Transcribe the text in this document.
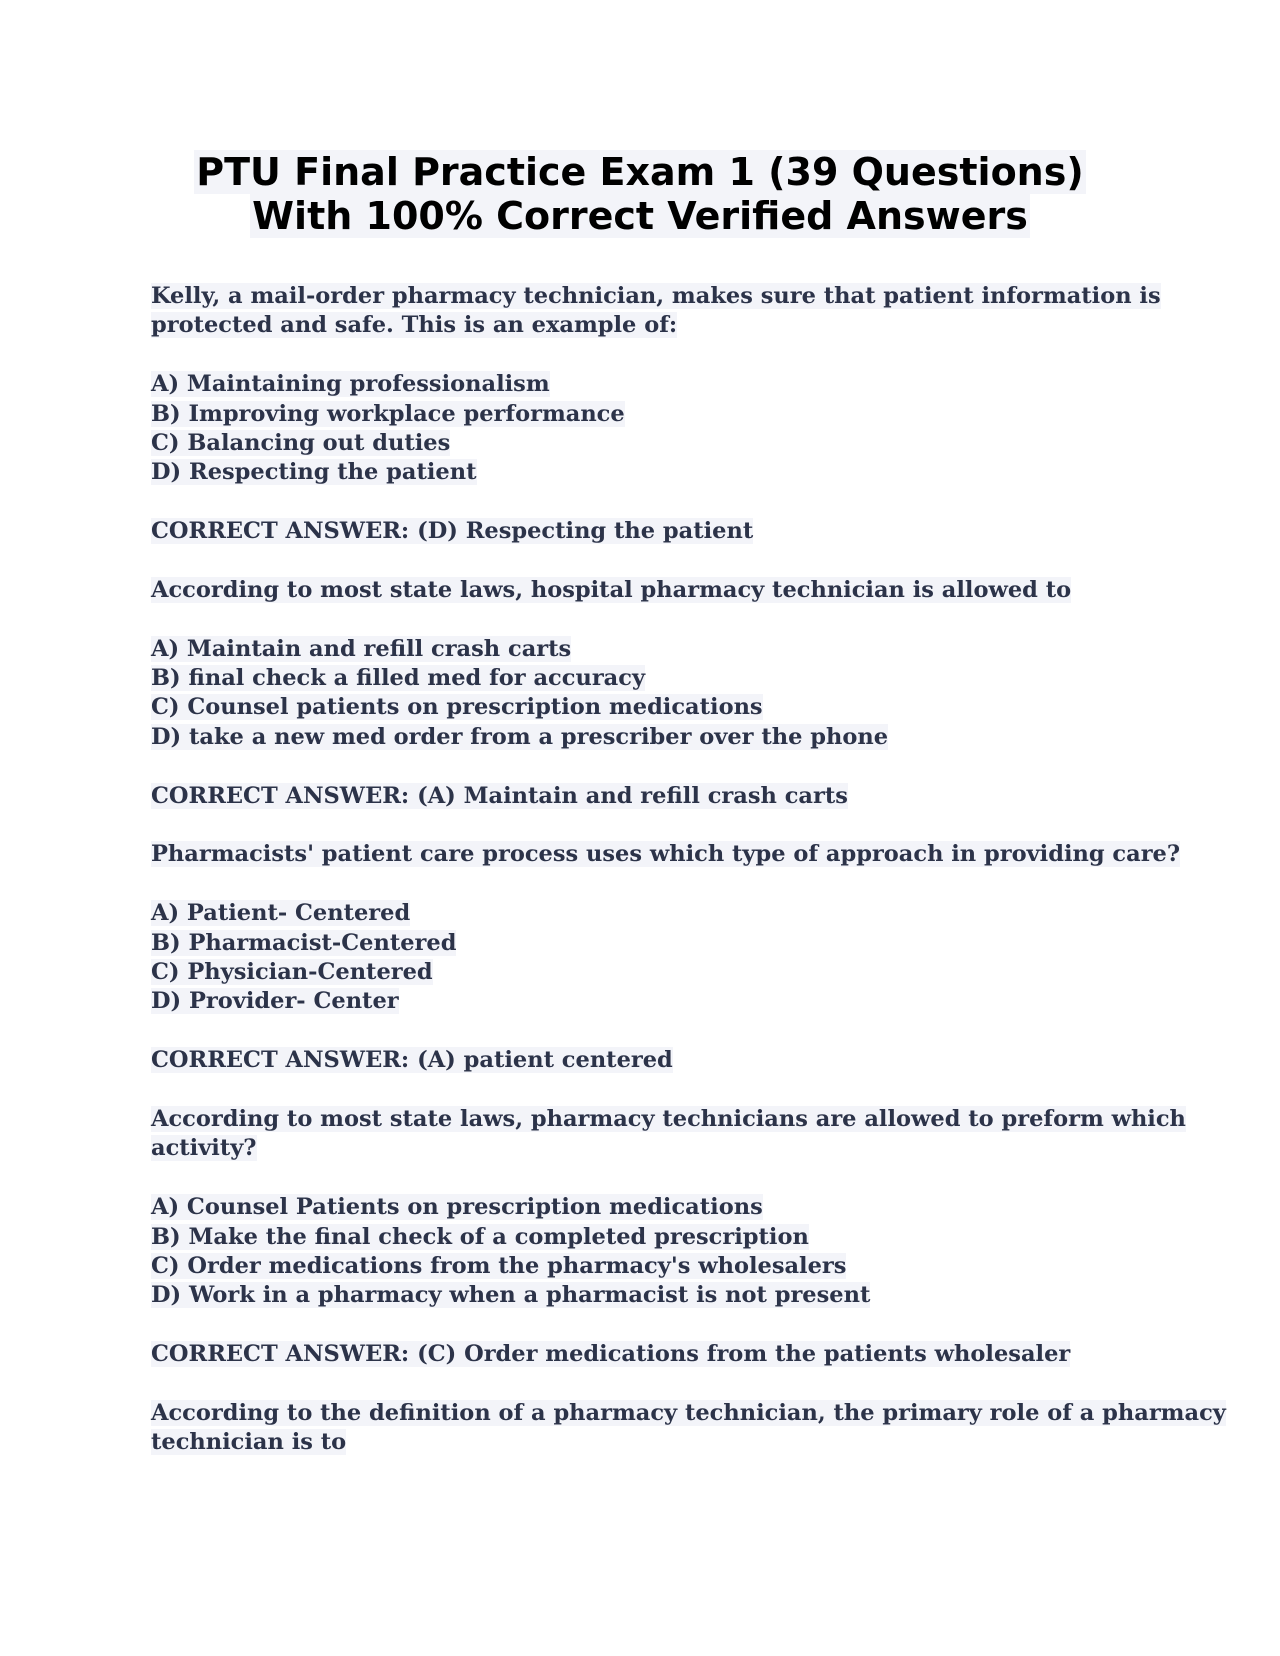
PTU Final Practice Exam 1 (39 Questions)
With 100% Correct Verified Answers
Kelly, a mail-order pharmacy technician, makes sure that patient information is
protected and safe. This is an example of:
A) Maintaining professionalism
B) Improving workplace performance
C) Balancing out duties
D) Respecting the patient
CORRECT ANSWER: (D) Respecting the patient
According to most state laws, hospital pharmacy technician is allowed to
A) Maintain and refill crash carts
B) final check a filled med for accuracy
C) Counsel patients on prescription medications
D) take a new med order from a prescriber over the phone
CORRECT ANSWER: (A) Maintain and refill crash carts
Pharmacists' patient care process uses which type of approach in providing care?
A) Patient- Centered
B) Pharmacist-Centered
C) Physician-Centered
D) Provider- Center
CORRECT ANSWER: (A) patient centered
According to most state laws, pharmacy technicians are allowed to preform which
activity?
A) Counsel Patients on prescription medications
B) Make the final check of a completed prescription
C) Order medications from the pharmacy's wholesalers
D) Work in a pharmacy when a pharmacist is not present
CORRECT ANSWER: (C) Order medications from the patients wholesaler
According to the definition of a pharmacy technician, the primary role of a pharmacy
technician is to
